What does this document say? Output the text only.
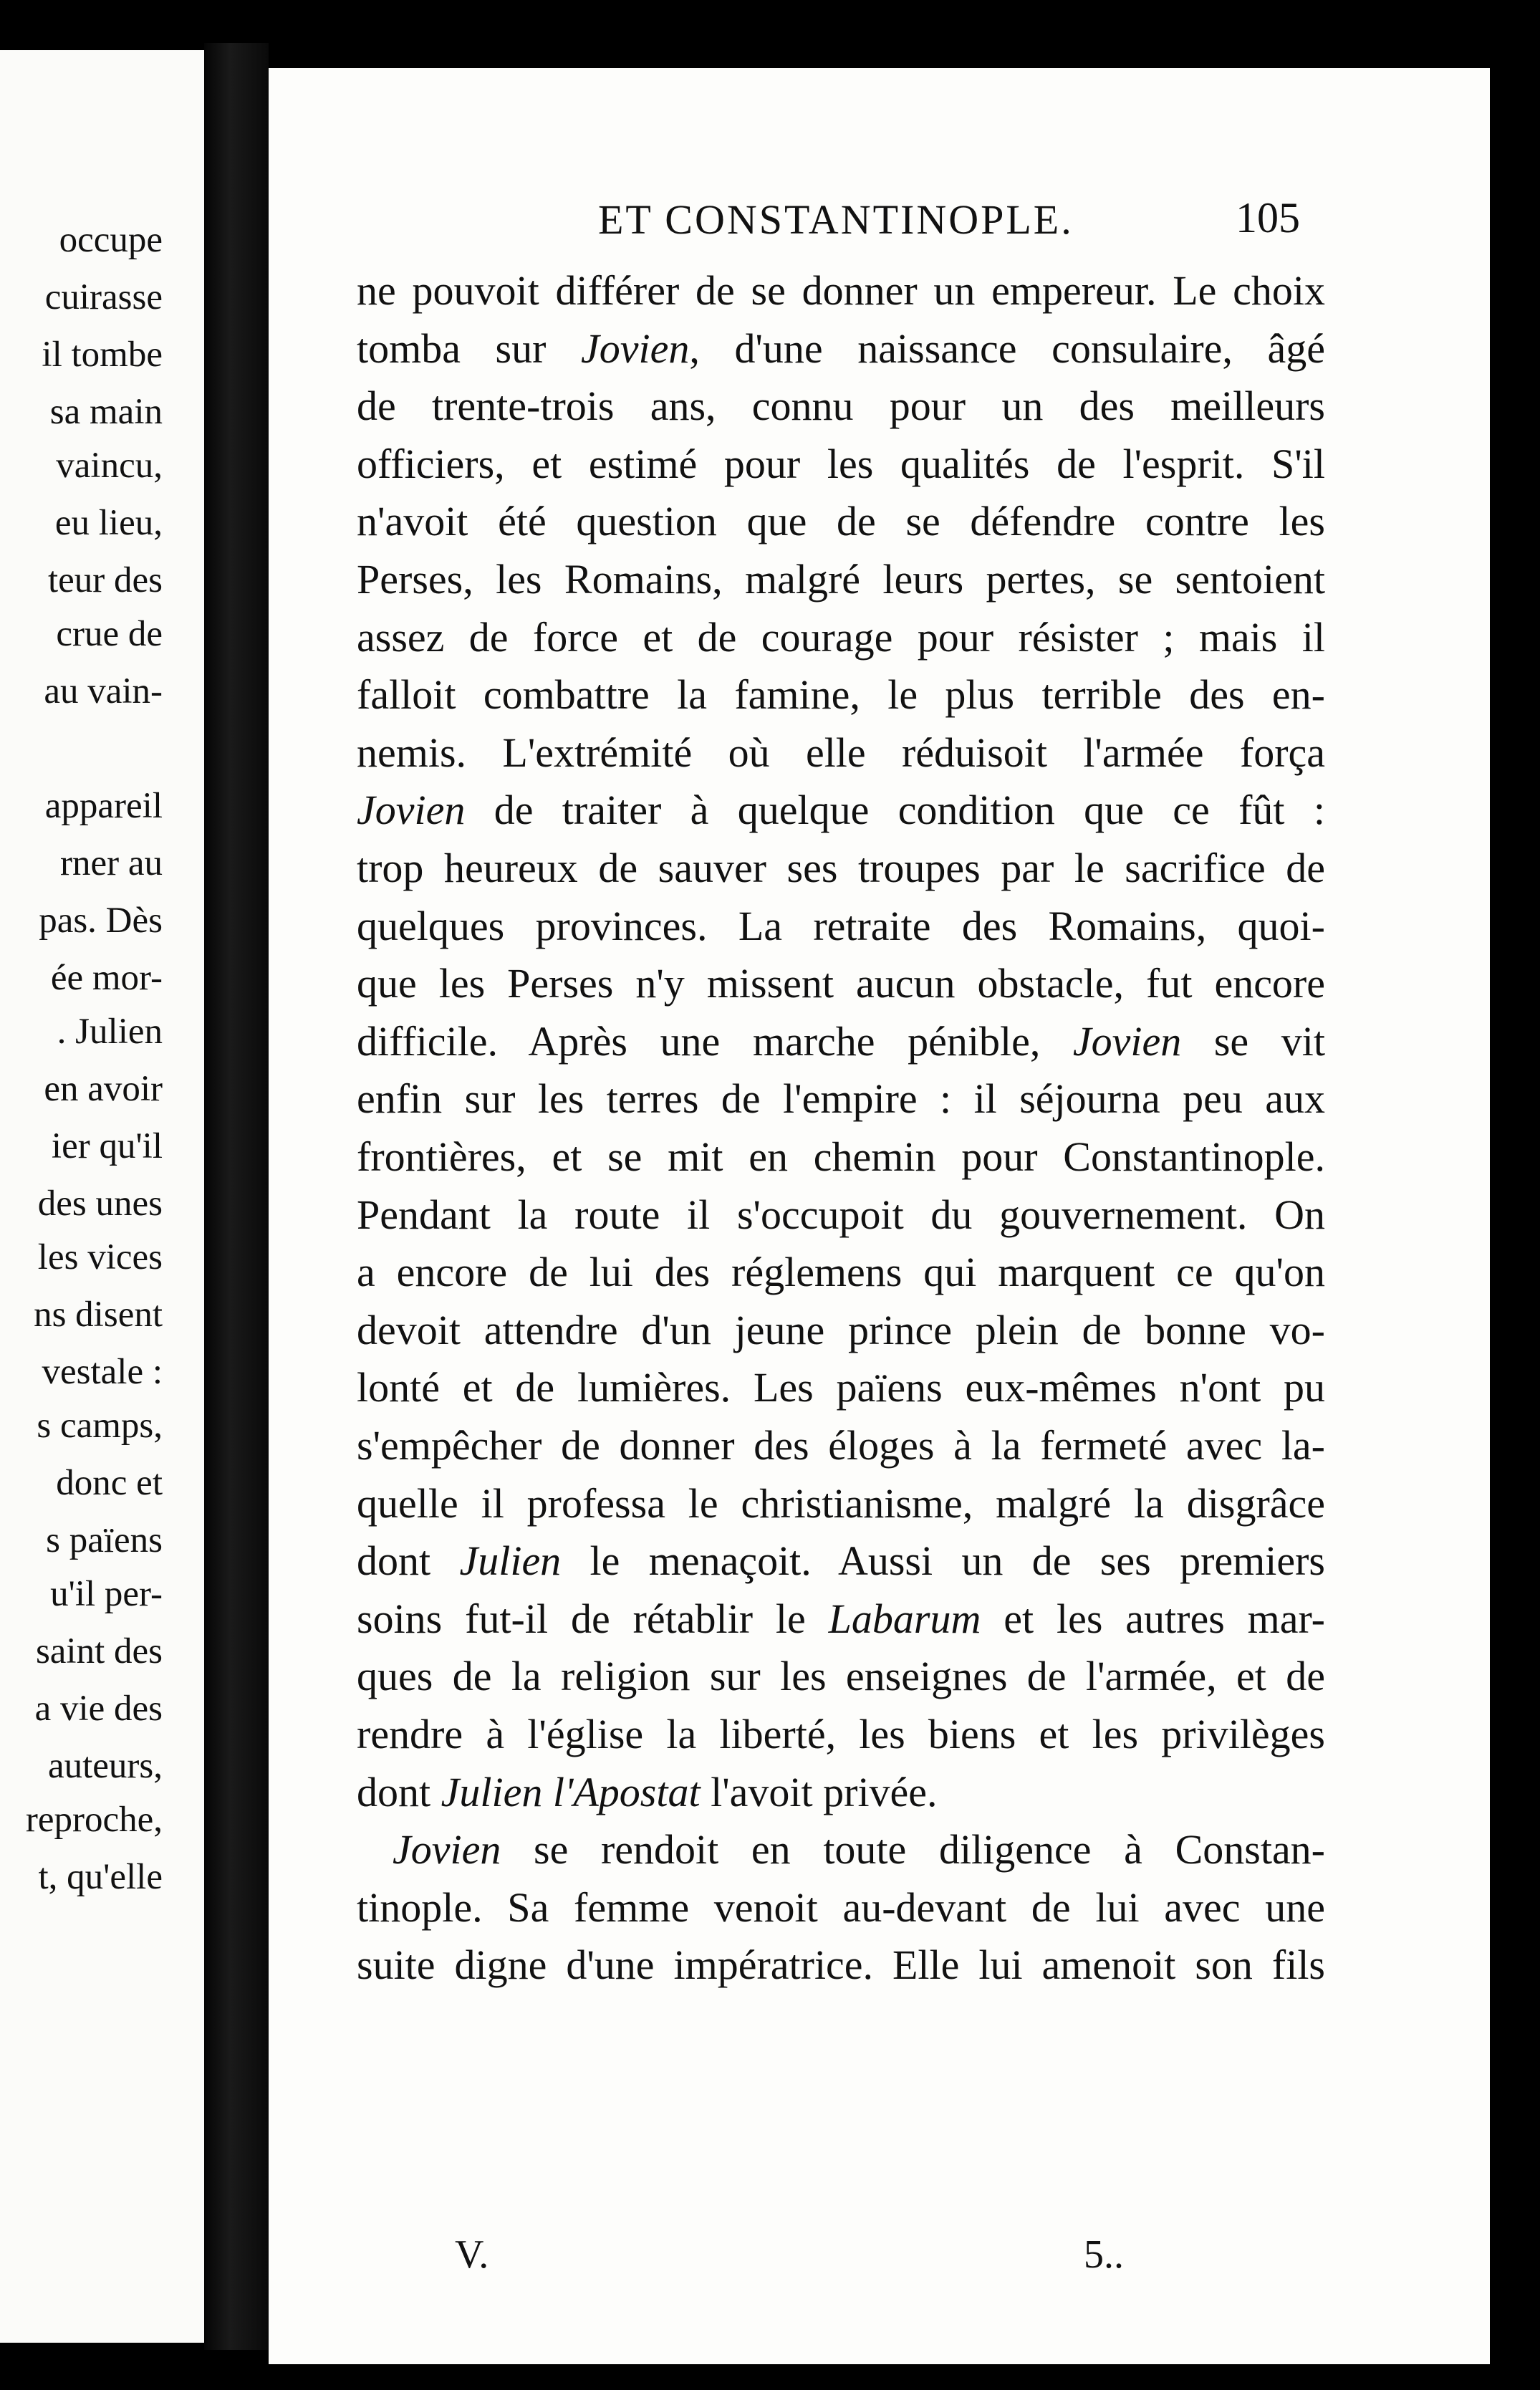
occupe
cuirasse
il tombe
sa main
vaincu,
eu lieu,
teur des
crue de
au vain-
appareil
rner au
pas. Dès
ée mor-
. Julien
en avoir
ier qu'il
des unes
les vices
ns disent
vestale :
s camps,
donc et
s païens
u'il per-
saint des
a vie des
auteurs,
reproche,
t, qu'elle
ET CONSTANTINOPLE.	105
ne pouvoit différer de se donner un empereur. Le choix
tomba sur Jovien, d'une naissance consulaire, âgé
de trente-trois ans, connu pour un des meilleurs
officiers, et estimé pour les qualités de l'esprit. S'il
n'avoit été question que de se défendre contre les
Perses, les Romains, malgré leurs pertes, se sentoient
assez de force et de courage pour résister ; mais il
falloit combattre la famine, le plus terrible des en-
nemis. L'extrémité où elle réduisoit l'armée força
Jovien de traiter à quelque condition que ce fût :
trop heureux de sauver ses troupes par le sacrifice de
quelques provinces. La retraite des Romains, quoi-
que les Perses n'y missent aucun obstacle, fut encore
difficile. Après une marche pénible, Jovien se vit
enfin sur les terres de l'empire : il séjourna peu aux
frontières, et se mit en chemin pour Constantinople.
Pendant la route il s'occupoit du gouvernement. On
a encore de lui des réglemens qui marquent ce qu'on
devoit attendre d'un jeune prince plein de bonne vo-
lonté et de lumières. Les païens eux-mêmes n'ont pu
s'empêcher de donner des éloges à la fermeté avec la-
quelle il professa le christianisme, malgré la disgrâce
dont Julien le menaçoit. Aussi un de ses premiers
soins fut-il de rétablir le Labarum et les autres mar-
ques de la religion sur les enseignes de l'armée, et de
rendre à l'église la liberté, les biens et les privilèges
dont Julien l'Apostat l'avoit privée.
Jovien se rendoit en toute diligence à Constan-
tinople. Sa femme venoit au-devant de lui avec une
suite digne d'une impératrice. Elle lui amenoit son fils
V.	5..
